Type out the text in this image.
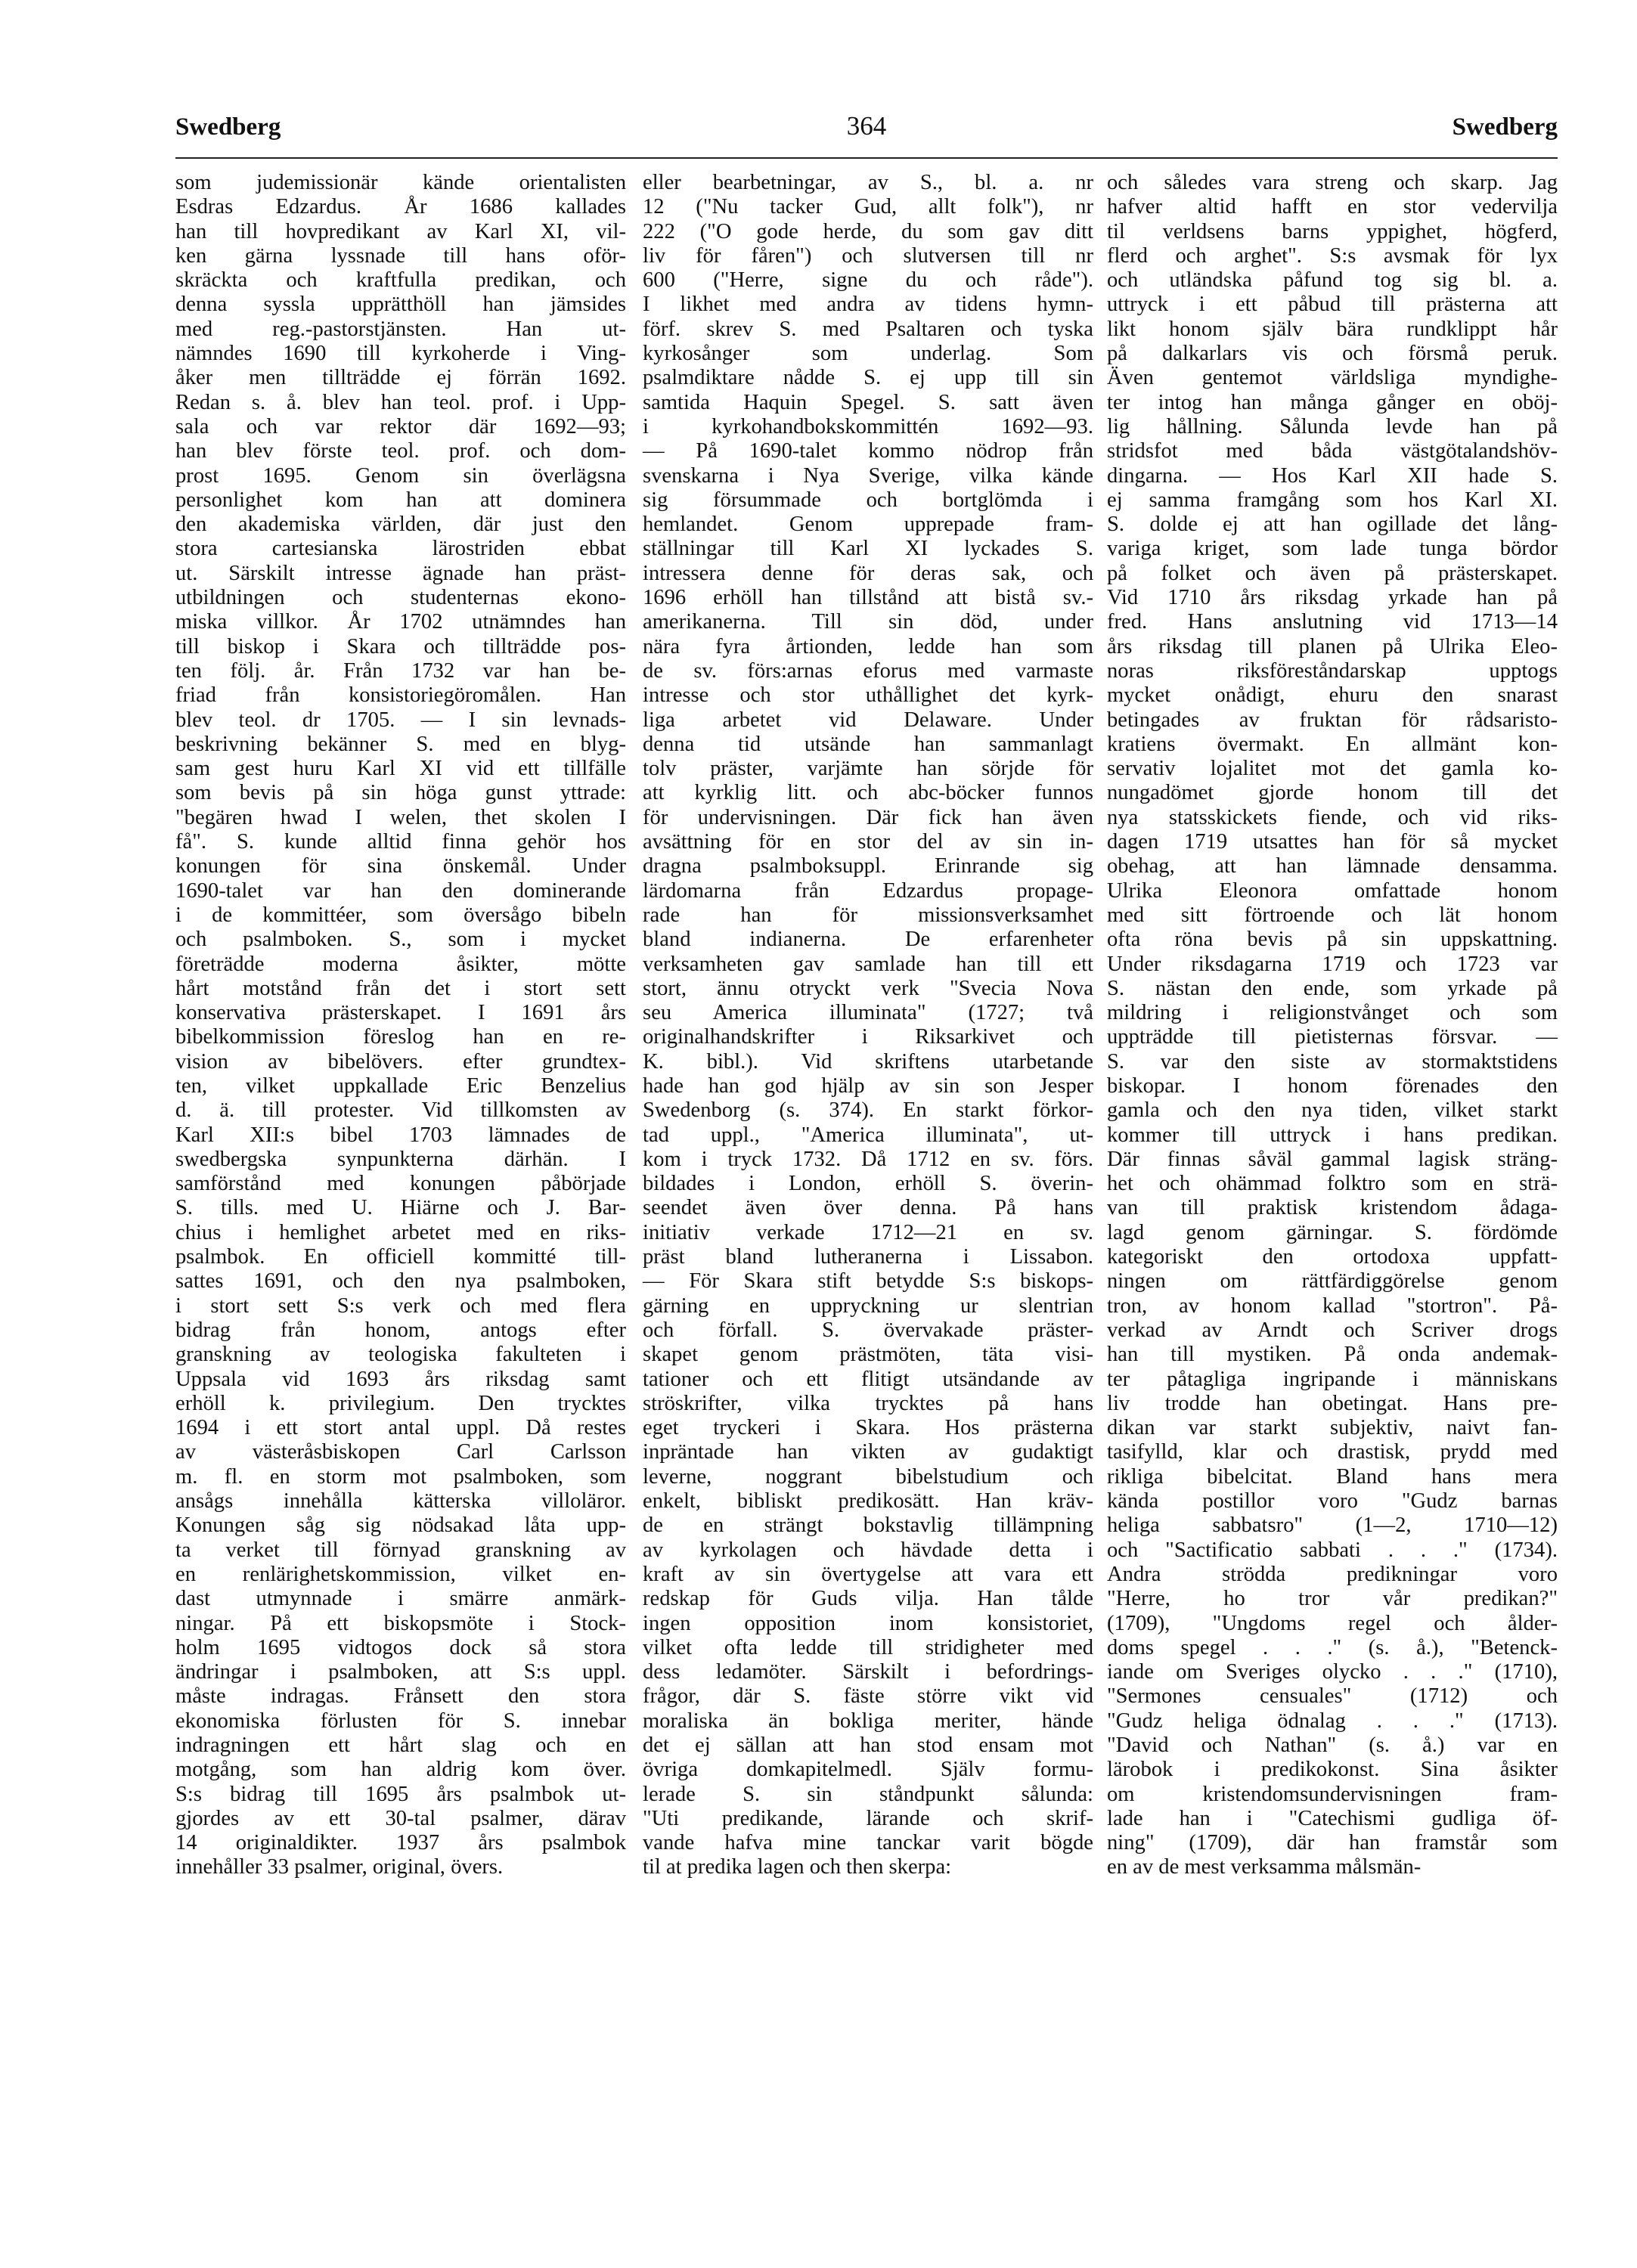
Swedberg	364	Swedberg

som judemissionär kände orientalisten

Esdras Edzardus. År 1686 kallades

han till hovpredikant av Karl XI, vil-

ken gärna lyssnade till hans oför-

skräckta och kraftfulla predikan, och

denna syssla upprätthöll han jämsides

med reg.-pastorstjänsten. Han ut-

nämndes 1690 till kyrkoherde i Ving-

åker men tillträdde ej förrän 1692.

Redan s. å. blev han teol. prof. i Upp-

sala och var rektor där 1692—93;

han blev förste teol. prof. och dom-

prost 1695. Genom sin överlägsna

personlighet kom han att dominera

den akademiska världen, där just den

stora cartesianska lärostriden ebbat

ut. Särskilt intresse ägnade han präst-

utbildningen och studenternas ekono-

miska villkor. År 1702 utnämndes han

till biskop i Skara och tillträdde pos-

ten följ. år. Från 1732 var han be-

friad från konsistoriegöromålen. Han

blev teol. dr 1705. — I sin levnads-

beskrivning bekänner S. med en blyg-

sam gest huru Karl XI vid ett tillfälle

som bevis på sin höga gunst yttrade:

"begären hwad I welen, thet skolen I

få". S. kunde alltid finna gehör hos

konungen för sina önskemål. Under

1690-talet var han den dominerande

i de kommittéer, som översågo bibeln

och psalmboken. S., som i mycket

företrädde moderna åsikter, mötte

hårt motstånd från det i stort sett

konservativa prästerskapet. I 1691 års

bibelkommission föreslog han en re-

vision av bibelövers. efter grundtex-

ten, vilket uppkallade Eric Benzelius

d. ä. till protester. Vid tillkomsten av

Karl XII:s bibel 1703 lämnades de

swedbergska synpunkterna därhän. I

samförstånd med konungen påbörjade

S. tills. med U. Hiärne och J. Bar-

chius i hemlighet arbetet med en riks-

psalmbok. En officiell kommitté till-

sattes 1691, och den nya psalmboken,

i stort sett S:s verk och med flera

bidrag från honom, antogs efter

granskning av teologiska fakulteten i

Uppsala vid 1693 års riksdag samt

erhöll k. privilegium. Den trycktes

1694 i ett stort antal uppl. Då restes

av västeråsbiskopen Carl Carlsson

m. fl. en storm mot psalmboken, som

ansågs innehålla kätterska villoläror.

Konungen såg sig nödsakad låta upp-

ta verket till förnyad granskning av

en renlärighetskommission, vilket en-

dast utmynnade i smärre anmärk-

ningar. På ett biskopsmöte i Stock-

holm 1695 vidtogos dock så stora

ändringar i psalmboken, att S:s uppl.

måste indragas. Frånsett den stora

ekonomiska förlusten för S. innebar

indragningen ett hårt slag och en

motgång, som han aldrig kom över.

S:s bidrag till 1695 års psalmbok ut-

gjordes av ett 30-tal psalmer, därav

14 originaldikter. 1937 års psalmbok

innehåller 33 psalmer, original, övers.

eller bearbetningar, av S., bl. a. nr

12 ("Nu tacker Gud, allt folk"), nr

222 ("O gode herde, du som gav ditt

liv för fåren") och slutversen till nr

600 ("Herre, signe du och råde").

I likhet med andra av tidens hymn-

förf. skrev S. med Psaltaren och tyska

kyrkosånger som underlag. Som

psalmdiktare nådde S. ej upp till sin

samtida Haquin Spegel. S. satt även

i kyrkohandbokskommittén 1692—93.

— På 1690-talet kommo nödrop från

svenskarna i Nya Sverige, vilka kände

sig försummade och bortglömda i

hemlandet. Genom upprepade fram-

ställningar till Karl XI lyckades S.

intressera denne för deras sak, och

1696 erhöll han tillstånd att bistå sv.-

amerikanerna. Till sin död, under

nära fyra årtionden, ledde han som

de sv. förs:arnas eforus med varmaste

intresse och stor uthållighet det kyrk-

liga arbetet vid Delaware. Under

denna tid utsände han sammanlagt

tolv präster, varjämte han sörjde för

att kyrklig litt. och abc-böcker funnos

för undervisningen. Där fick han även

avsättning för en stor del av sin in-

dragna psalmboksuppl. Erinrande sig

lärdomarna från Edzardus propage-

rade han för missionsverksamhet

bland indianerna. De erfarenheter

verksamheten gav samlade han till ett

stort, ännu otryckt verk "Svecia Nova

seu America illuminata" (1727; två

originalhandskrifter i Riksarkivet och

K. bibl.). Vid skriftens utarbetande

hade han god hjälp av sin son Jesper

Swedenborg (s. 374). En starkt förkor-

tad uppl., "America illuminata", ut-

kom i tryck 1732. Då 1712 en sv. förs.

bildades i London, erhöll S. överin-

seendet även över denna. På hans

initiativ verkade 1712—21 en sv.

präst bland lutheranerna i Lissabon.

— För Skara stift betydde S:s biskops-

gärning en uppryckning ur slentrian

och förfall. S. övervakade präster-

skapet genom prästmöten, täta visi-

tationer och ett flitigt utsändande av

ströskrifter, vilka trycktes på hans

eget tryckeri i Skara. Hos prästerna

inpräntade han vikten av gudaktigt

leverne, noggrant bibelstudium och

enkelt, bibliskt predikosätt. Han kräv-

de en strängt bokstavlig tillämpning

av kyrkolagen och hävdade detta i

kraft av sin övertygelse att vara ett

redskap för Guds vilja. Han tålde

ingen opposition inom konsistoriet,

vilket ofta ledde till stridigheter med

dess ledamöter. Särskilt i befordrings-

frågor, där S. fäste större vikt vid

moraliska än bokliga meriter, hände

det ej sällan att han stod ensam mot

övriga domkapitelmedl. Själv formu-

lerade S. sin ståndpunkt sålunda:

"Uti predikande, lärande och skrif-

vande hafva mine tanckar varit bögde

til at predika lagen och then skerpa:

och således vara streng och skarp. Jag

hafver altid hafft en stor vedervilja

til verldsens barns yppighet, högferd,

flerd och arghet". S:s avsmak för lyx

och utländska påfund tog sig bl. a.

uttryck i ett påbud till prästerna att

likt honom själv bära rundklippt hår

på dalkarlars vis och försmå peruk.

Även gentemot världsliga myndighe-

ter intog han många gånger en oböj-

lig hållning. Sålunda levde han på

stridsfot med båda västgötalandshöv-

dingarna. — Hos Karl XII hade S.

ej samma framgång som hos Karl XI.

S. dolde ej att han ogillade det lång-

variga kriget, som lade tunga bördor

på folket och även på prästerskapet.

Vid 1710 års riksdag yrkade han på

fred. Hans anslutning vid 1713—14

års riksdag till planen på Ulrika Eleo-

noras riksföreståndarskap upptogs

mycket onådigt, ehuru den snarast

betingades av fruktan för rådsaristo-

kratiens övermakt. En allmänt kon-

servativ lojalitet mot det gamla ko-

nungadömet gjorde honom till det

nya statsskickets fiende, och vid riks-

dagen 1719 utsattes han för så mycket

obehag, att han lämnade densamma.

Ulrika Eleonora omfattade honom

med sitt förtroende och lät honom

ofta röna bevis på sin uppskattning.

Under riksdagarna 1719 och 1723 var

S. nästan den ende, som yrkade på

mildring i religionstvånget och som

uppträdde till pietisternas försvar. —

S. var den siste av stormaktstidens

biskopar. I honom förenades den

gamla och den nya tiden, vilket starkt

kommer till uttryck i hans predikan.

Där finnas såväl gammal lagisk sträng-

het och ohämmad folktro som en strä-

van till praktisk kristendom ådaga-

lagd genom gärningar. S. fördömde

kategoriskt den ortodoxa uppfatt-

ningen om rättfärdiggörelse genom

tron, av honom kallad "stortron". På-

verkad av Arndt och Scriver drogs

han till mystiken. På onda andemak-

ter påtagliga ingripande i människans

liv trodde han obetingat. Hans pre-

dikan var starkt subjektiv, naivt fan-

tasifylld, klar och drastisk, prydd med

rikliga bibelcitat. Bland hans mera

kända postillor voro "Gudz barnas

heliga sabbatsro" (1—2, 1710—12)

och "Sactificatio sabbati . . ." (1734).

Andra strödda predikningar voro

"Herre, ho tror vår predikan?"

(1709), "Ungdoms regel och ålder-

doms spegel . . ." (s. å.), "Betenck-

iande om Sveriges olycko . . ." (1710),

"Sermones censuales" (1712) och

"Gudz heliga ödnalag . . ." (1713).

"David och Nathan" (s. å.) var en

lärobok i predikokonst. Sina åsikter

om kristendomsundervisningen fram-

lade han i "Catechismi gudliga öf-

ning" (1709), där han framstår som

en av de mest verksamma målsmän-
